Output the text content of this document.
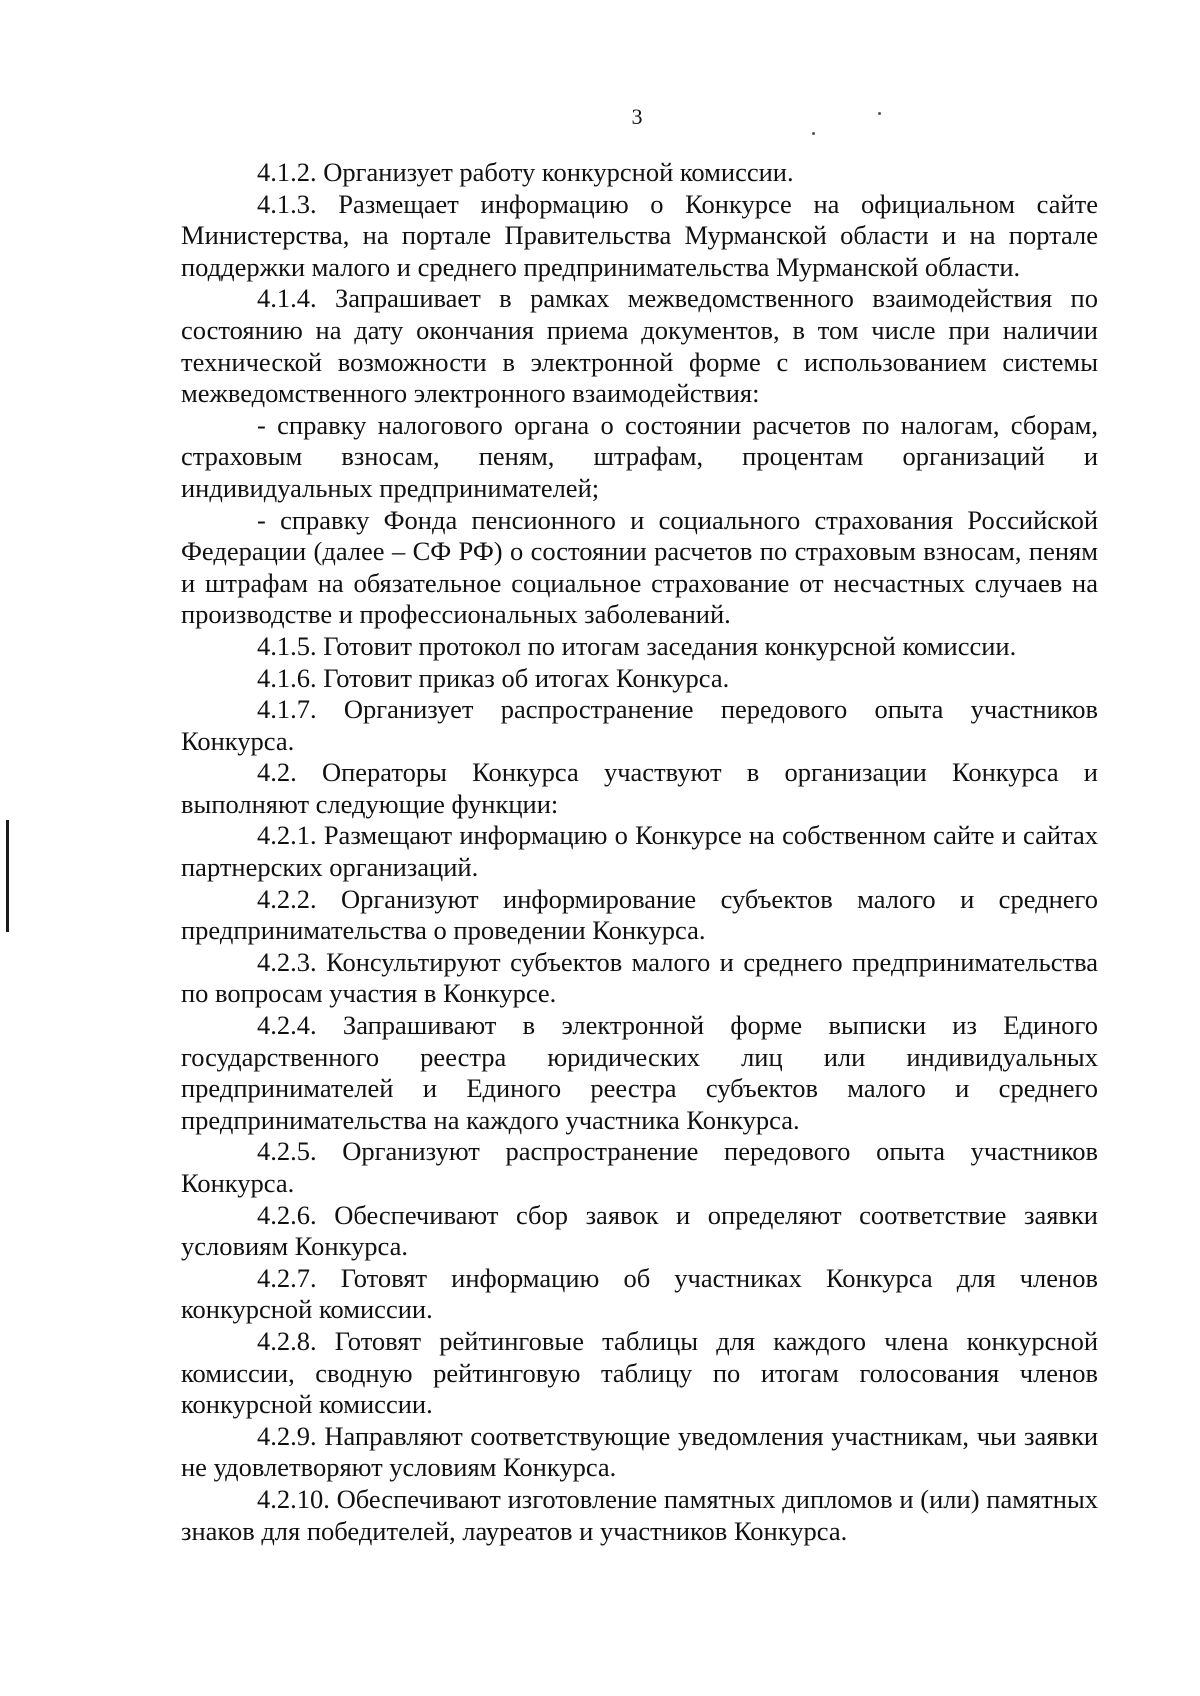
3

4.1.2. Организует работу конкурсной комиссии.

4.1.3. Размещает информацию о Конкурсе на официальном сайте Министерства, на портале Правительства Мурманской области и на портале поддержки малого и среднего предпринимательства Мурманской области.

4.1.4. Запрашивает в рамках межведомственного взаимодействия по состоянию на дату окончания приема документов, в том числе при наличии технической возможности в электронной форме с использованием системы межведомственного электронного взаимодействия:

- справку налогового органа о состоянии расчетов по налогам, сборам, страховым взносам, пеням, штрафам, процентам организаций и индивидуальных предпринимателей;

- справку Фонда пенсионного и социального страхования Российской Федерации (далее – СФ РФ) о состоянии расчетов по страховым взносам, пеням и штрафам на обязательное социальное страхование от несчастных случаев на производстве и профессиональных заболеваний.

4.1.5. Готовит протокол по итогам заседания конкурсной комиссии.

4.1.6. Готовит приказ об итогах Конкурса.

4.1.7. Организует распространение передового опыта участников Конкурса.

4.2. Операторы Конкурса участвуют в организации Конкурса и выполняют следующие функции:

4.2.1. Размещают информацию о Конкурсе на собственном сайте и сайтах партнерских организаций.

4.2.2. Организуют информирование субъектов малого и среднего предпринимательства о проведении Конкурса.

4.2.3. Консультируют субъектов малого и среднего предпринимательства по вопросам участия в Конкурсе.

4.2.4. Запрашивают в электронной форме выписки из Единого государственного реестра юридических лиц или индивидуальных предпринимателей и Единого реестра субъектов малого и среднего предпринимательства на каждого участника Конкурса.

4.2.5. Организуют распространение передового опыта участников Конкурса.

4.2.6. Обеспечивают сбор заявок и определяют соответствие заявки условиям Конкурса.

4.2.7. Готовят информацию об участниках Конкурса для членов конкурсной комиссии.

4.2.8. Готовят рейтинговые таблицы для каждого члена конкурсной комиссии, сводную рейтинговую таблицу по итогам голосования членов конкурсной комиссии.

4.2.9. Направляют соответствующие уведомления участникам, чьи заявки не удовлетворяют условиям Конкурса.

4.2.10. Обеспечивают изготовление памятных дипломов и (или) памятных знаков для победителей, лауреатов и участников Конкурса.
